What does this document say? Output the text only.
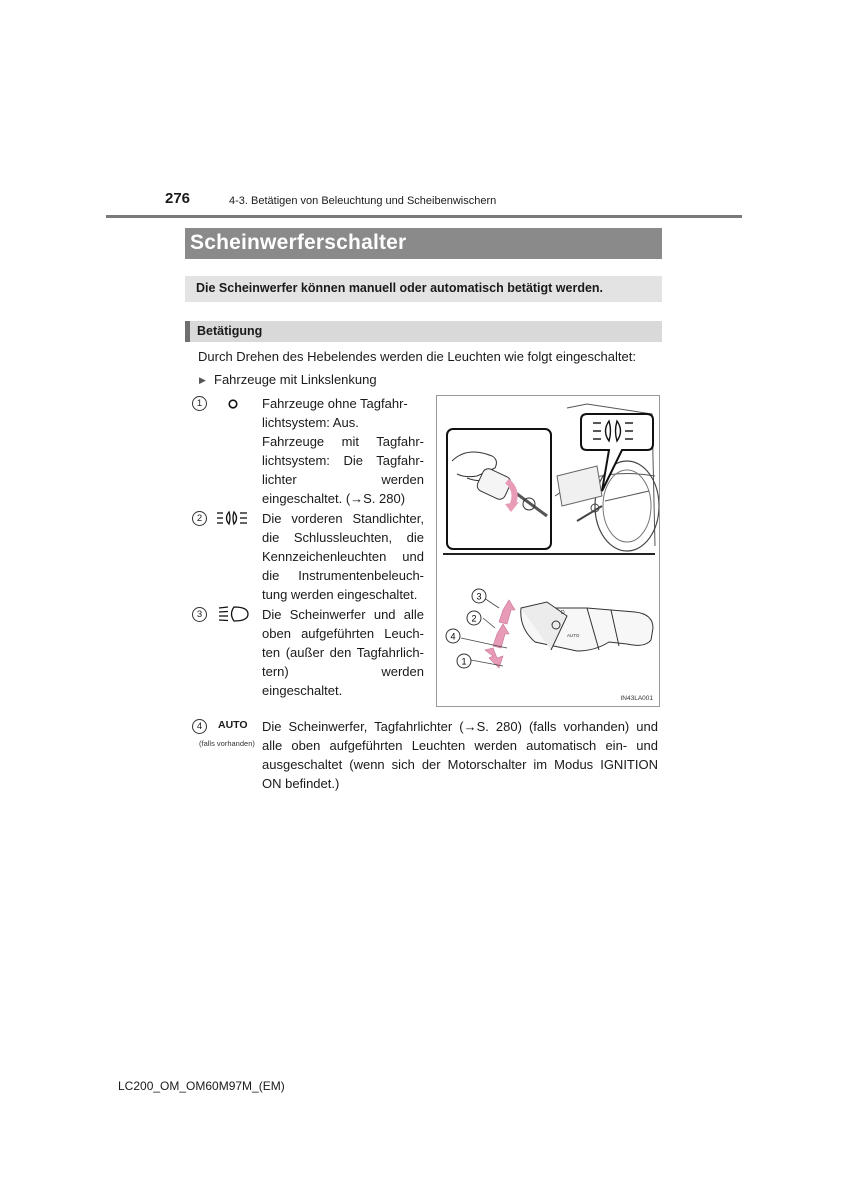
276	4-3. Betätigen von Beleuchtung und Scheibenwischern
Scheinwerferschalter
Die Scheinwerfer können manuell oder automatisch betätigt werden.
Betätigung
Durch Drehen des Hebelendes werden die Leuchten wie folgt eingeschaltet:
▶ Fahrzeuge mit Linkslenkung
1	Fahrzeuge ohne Tagfahr-
lichtsystem: Aus.
Fahrzeuge mit Tagfahr-
lichtsystem: Die Tagfahr-
lichter werden
eingeschaltet. (→S. 280)
2	Die vorderen Standlichter,
die Schlussleuchten, die
Kennzeichenleuchten und
die Instrumentenbeleuch-
tung werden eingeschaltet.
3	Die Scheinwerfer und alle
oben aufgeführten Leuch-
ten (außer den Tagfahrlich-
tern) werden
eingeschaltet.
4	AUTO
(falls vorhanden)
Die Scheinwerfer, Tagfahrlichter (→S. 280) (falls vorhanden) und
alle oben aufgeführten Leuchten werden automatisch ein- und
ausgeschaltet (wenn sich der Motorschalter im Modus IGNITION
ON befindet.)
D
AUTO
3
2
4
1
IN43LA001
LC200_OM_OM60M97M_(EM)
